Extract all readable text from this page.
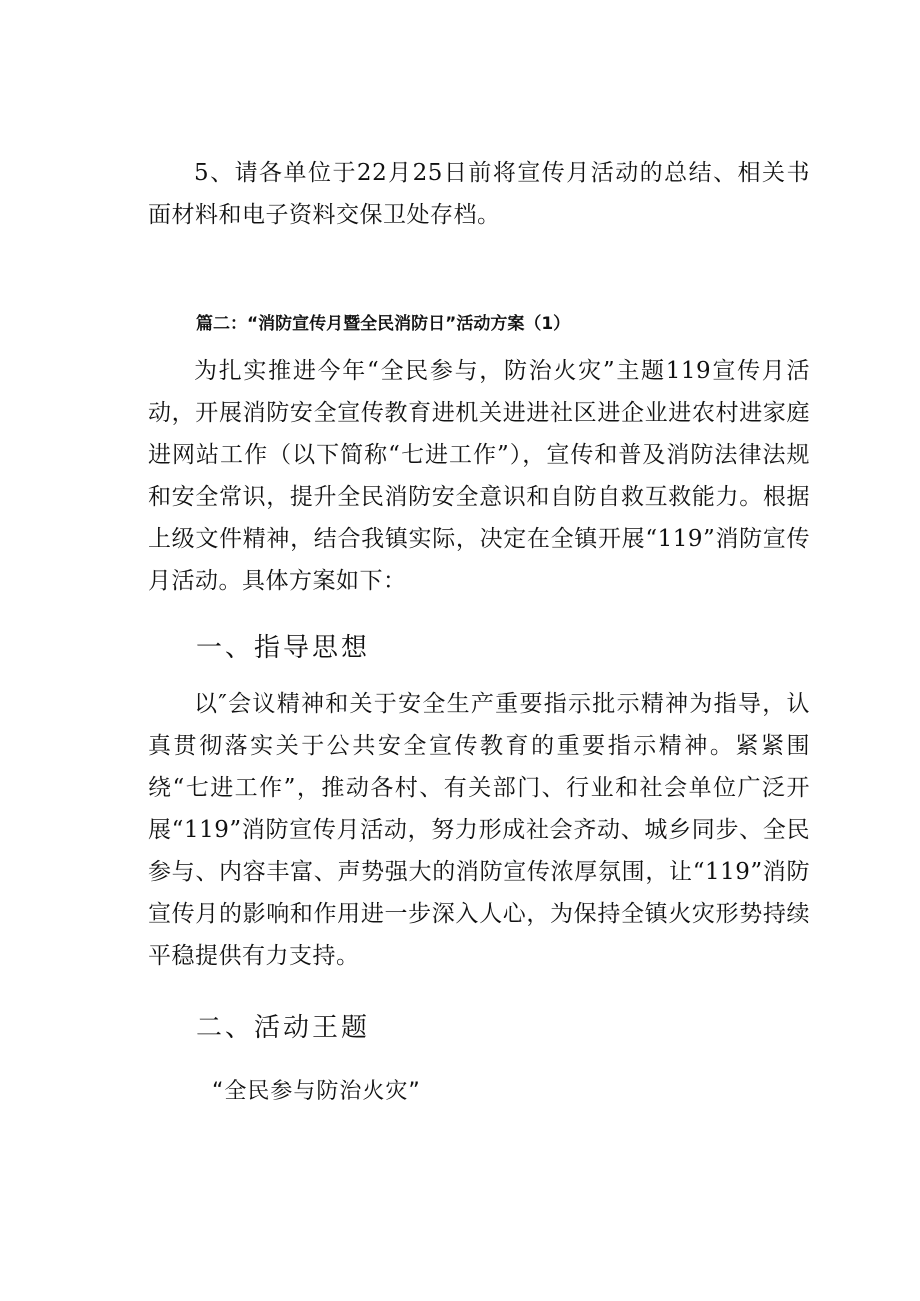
5、请各单位于22月25日前将宣传月活动的总结、相关书面材料和电子资料交保卫处存档。

篇二：“消防宣传月暨全民消防日”活动方案（1）

为扎实推进今年“全民参与，防治火灾”主题119宣传月活动，开展消防安全宣传教育进机关进进社区进企业进农村进家庭进网站工作（以下简称“七进工作”），宣传和普及消防法律法规和安全常识，提升全民消防安全意识和自防自救互救能力。根据上级文件精神，结合我镇实际，决定在全镇开展“119”消防宣传月活动。具体方案如下：

一、指导思想

以″会议精神和关于安全生产重要指示批示精神为指导，认真贯彻落实关于公共安全宣传教育的重要指示精神。紧紧围绕“七进工作”，推动各村、有关部门、行业和社会单位广泛开展“119”消防宣传月活动，努力形成社会齐动、城乡同步、全民参与、内容丰富、声势强大的消防宣传浓厚氛围，让“119”消防宣传月的影响和作用进一步深入人心，为保持全镇火灾形势持续平稳提供有力支持。

二、活动王题

“全民参与防治火灾”
